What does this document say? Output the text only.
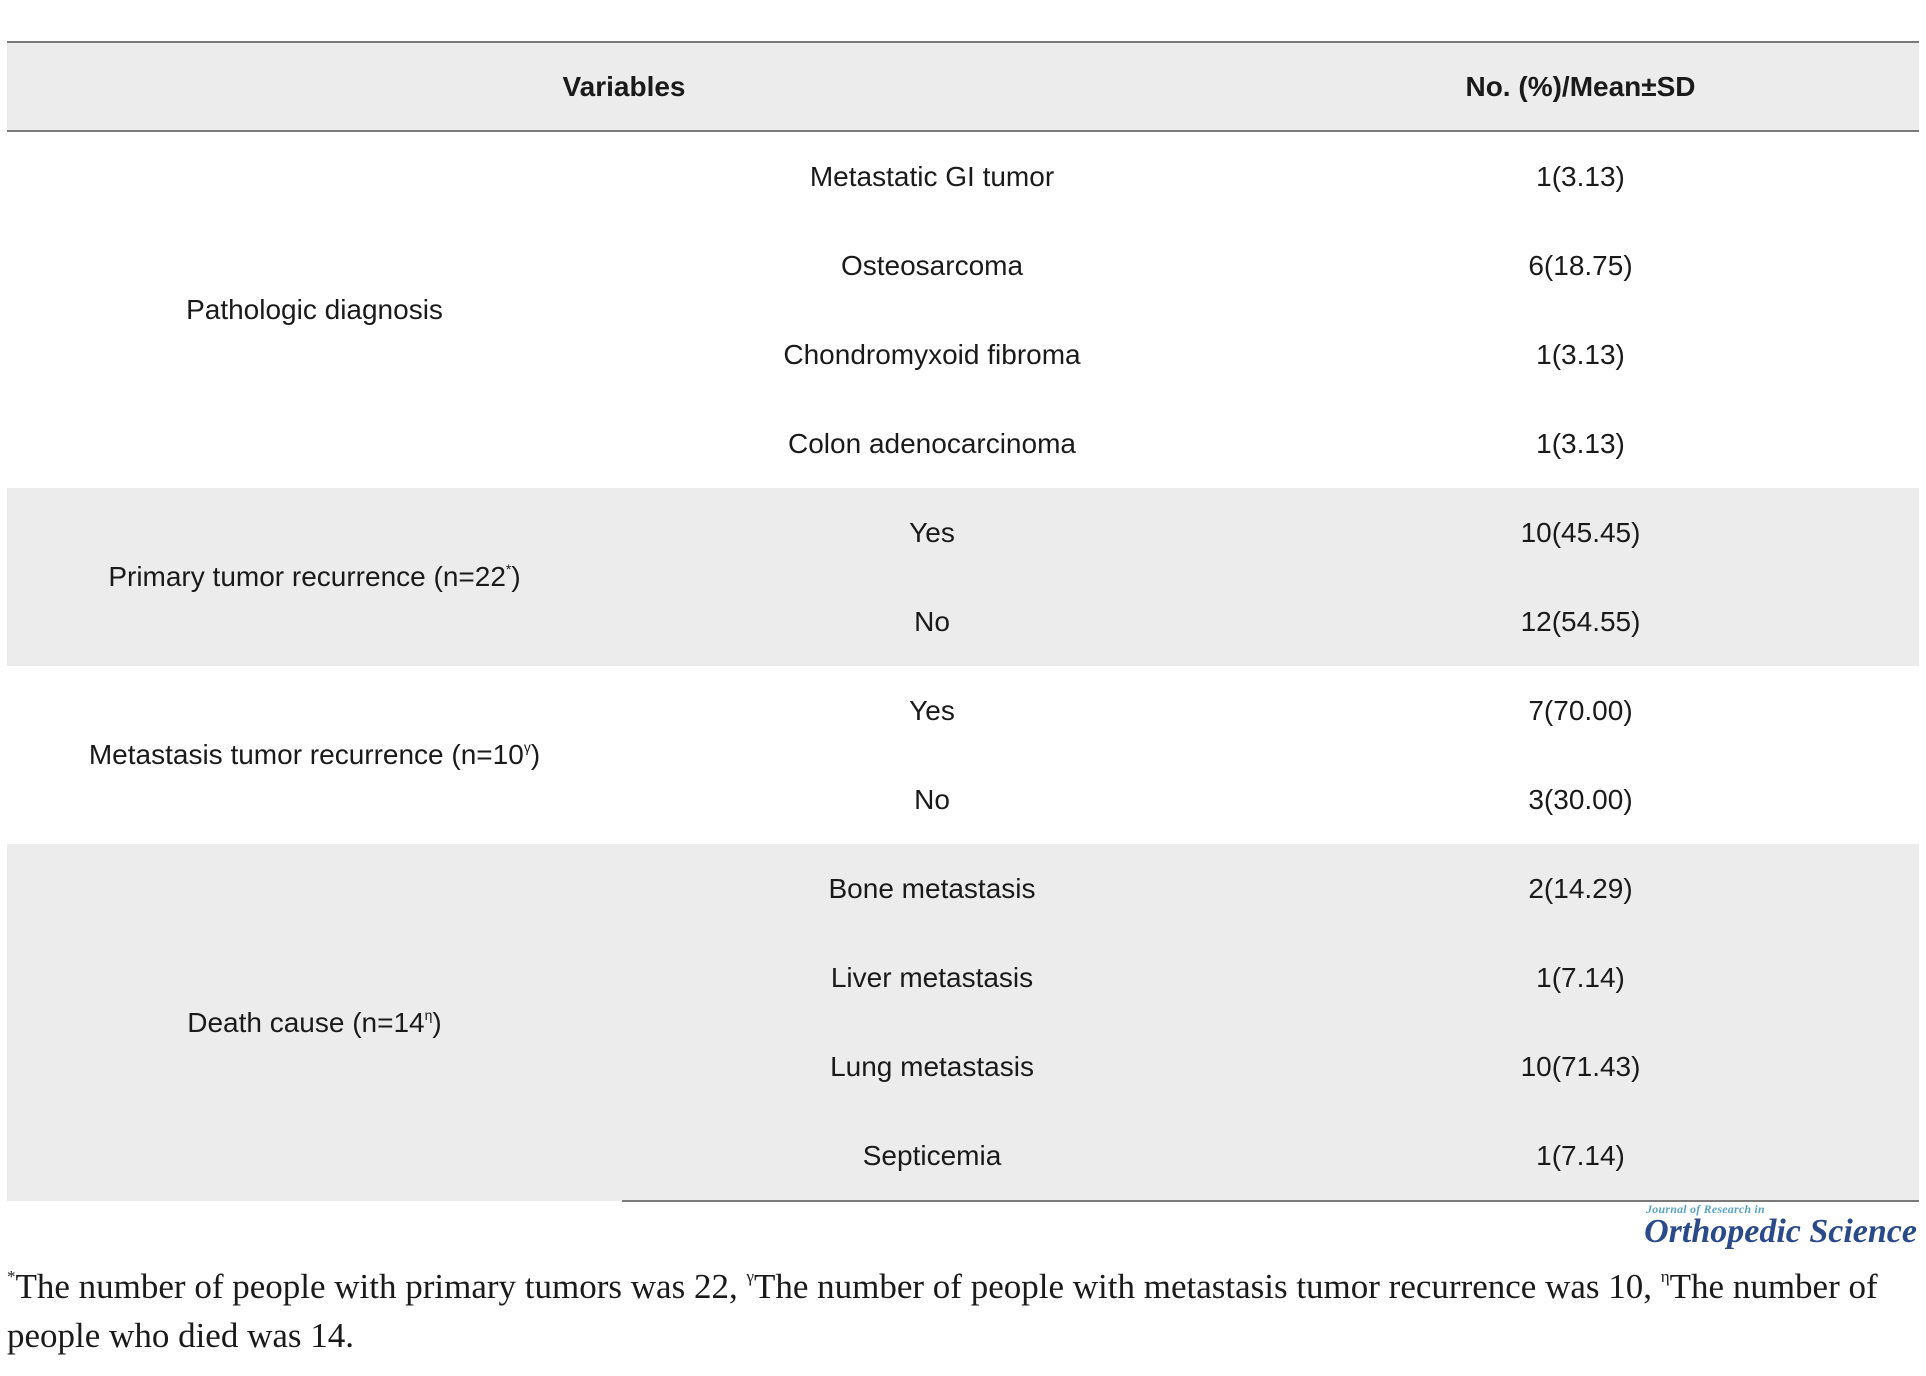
Variables		No. (%)/Mean±SD
Pathologic diagnosis	Metastatic GI tumor	1(3.13)
	Osteosarcoma	6(18.75)
	Chondromyxoid fibroma	1(3.13)
	Colon adenocarcinoma	1(3.13)
Primary tumor recurrence (n=22*)	Yes	10(45.45)
	No	12(54.55)
Metastasis tumor recurrence $(n=10^\gamma)$	Yes	7(70.00)
	No	3(30.00)
Death cause $(n=14^\eta)$	Bone metastasis	2(14.29)
	Liver metastasis	1(7.14)
	Lung metastasis	10(71.43)
	Septicemia	1(7.14)
Journal of Research in
Orthopedic Science
*The number of people with primary tumors was 22, $^\gamma$The number of people with metastasis tumor recurrence was 10, $^\eta$The number of people who died was 14.
